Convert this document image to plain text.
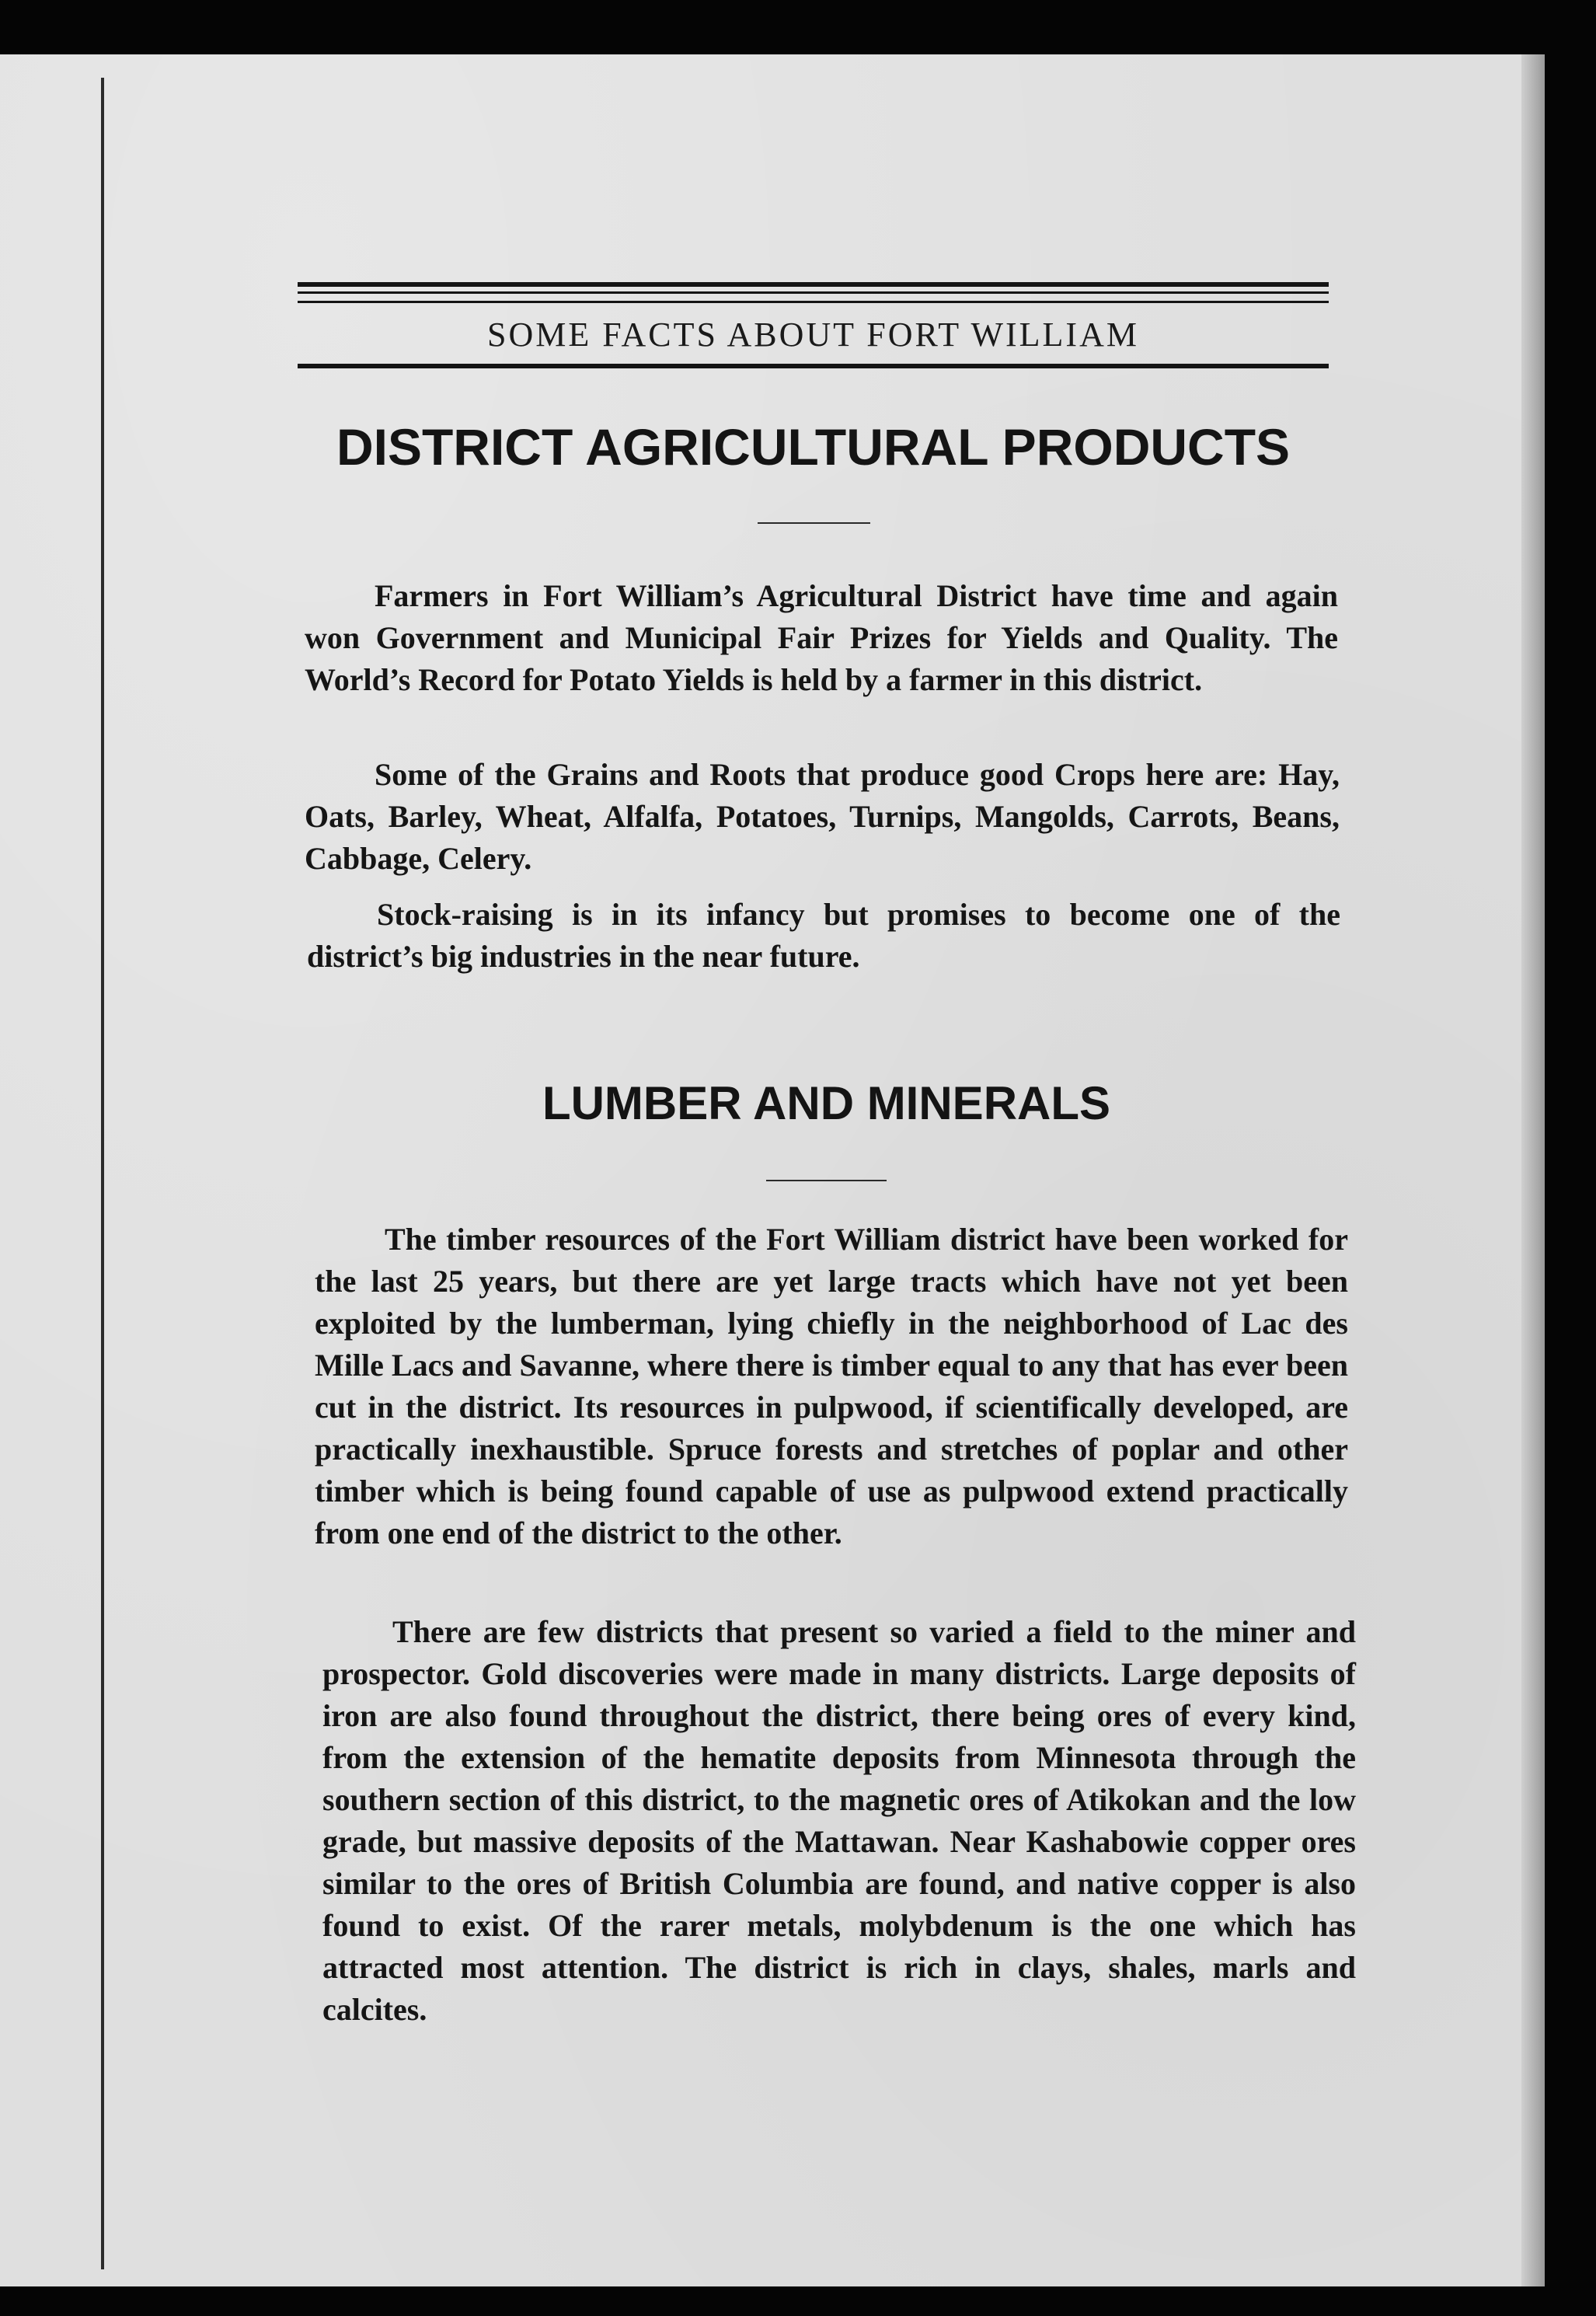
SOME FACTS ABOUT FORT WILLIAM
DISTRICT AGRICULTURAL PRODUCTS

Farmers in Fort William’s Agricultural District have time and again won Government and Municipal Fair Prizes for Yields and Quality. The World’s Record for Potato Yields is held by a farmer in this district.

Some of the Grains and Roots that produce good Crops here are: Hay, Oats, Barley, Wheat, Alfalfa, Potatoes, Turnips, Mangolds, Carrots, Beans, Cabbage, Celery.

Stock-raising is in its infancy but promises to become one of the district’s big industries in the near future.

LUMBER AND MINERALS

The timber resources of the Fort William district have been worked for the last 25 years, but there are yet large tracts which have not yet been exploited by the lumberman, lying chiefly in the neighborhood of Lac des Mille Lacs and Savanne, where there is timber equal to any that has ever been cut in the district. Its resources in pulpwood, if scientifically developed, are practically inexhaustible. Spruce forests and stretches of poplar and other timber which is being found capable of use as pulpwood extend practically from one end of the district to the other.

There are few districts that present so varied a field to the miner and prospector. Gold discoveries were made in many districts. Large deposits of iron are also found throughout the district, there being ores of every kind, from the extension of the hematite deposits from Minnesota through the southern section of this district, to the magnetic ores of Atikokan and the low grade, but massive deposits of the Mattawan. Near Kashabowie copper ores similar to the ores of British Columbia are found, and native copper is also found to exist. Of the rarer metals, molybdenum is the one which has attracted most attention. The district is rich in clays, shales, marls and calcites.
